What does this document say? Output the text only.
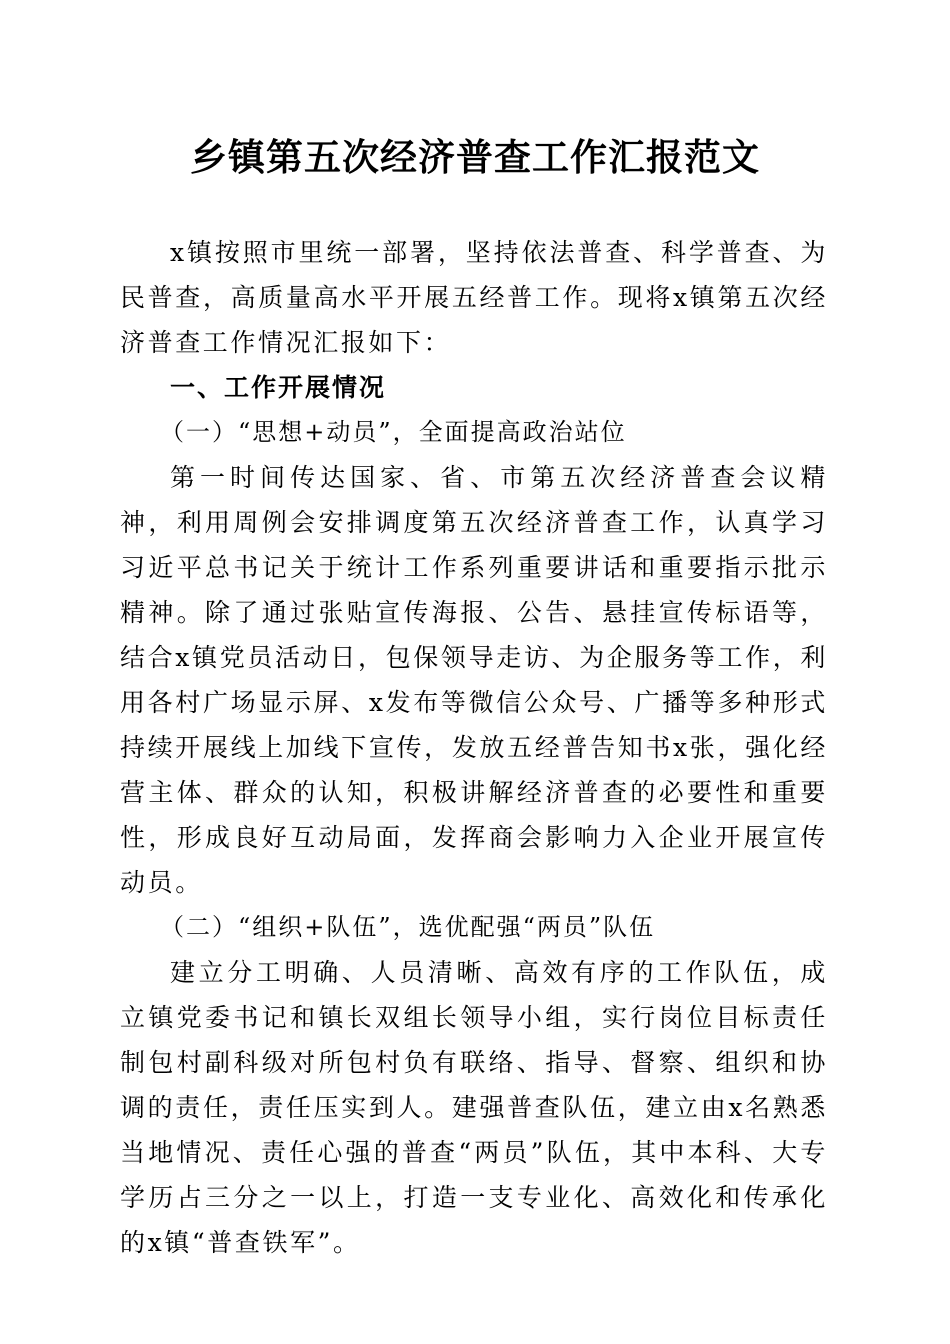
乡镇第五次经济普查工作汇报范文

x镇按照市里统一部署，坚持依法普查、科学普查、为民普查，高质量高水平开展五经普工作。现将x镇第五次经济普查工作情况汇报如下：

一、工作开展情况

（一）“思想+动员”，全面提高政治站位

第一时间传达国家、省、市第五次经济普查会议精神，利用周例会安排调度第五次经济普查工作，认真学习习近平总书记关于统计工作系列重要讲话和重要指示批示精神。除了通过张贴宣传海报、公告、悬挂宣传标语等，结合x镇党员活动日，包保领导走访、为企服务等工作，利用各村广场显示屏、x发布等微信公众号、广播等多种形式持续开展线上加线下宣传，发放五经普告知书x张，强化经营主体、群众的认知，积极讲解经济普查的必要性和重要性，形成良好互动局面，发挥商会影响力入企业开展宣传动员。

（二）“组织+队伍”，选优配强“两员”队伍

建立分工明确、人员清晰、高效有序的工作队伍，成立镇党委书记和镇长双组长领导小组，实行岗位目标责任制包村副科级对所包村负有联络、指导、督察、组织和协调的责任，责任压实到人。建强普查队伍，建立由x名熟悉当地情况、责任心强的普查“两员”队伍，其中本科、大专学历占三分之一以上，打造一支专业化、高效化和传承化的x镇“普查铁军”。
